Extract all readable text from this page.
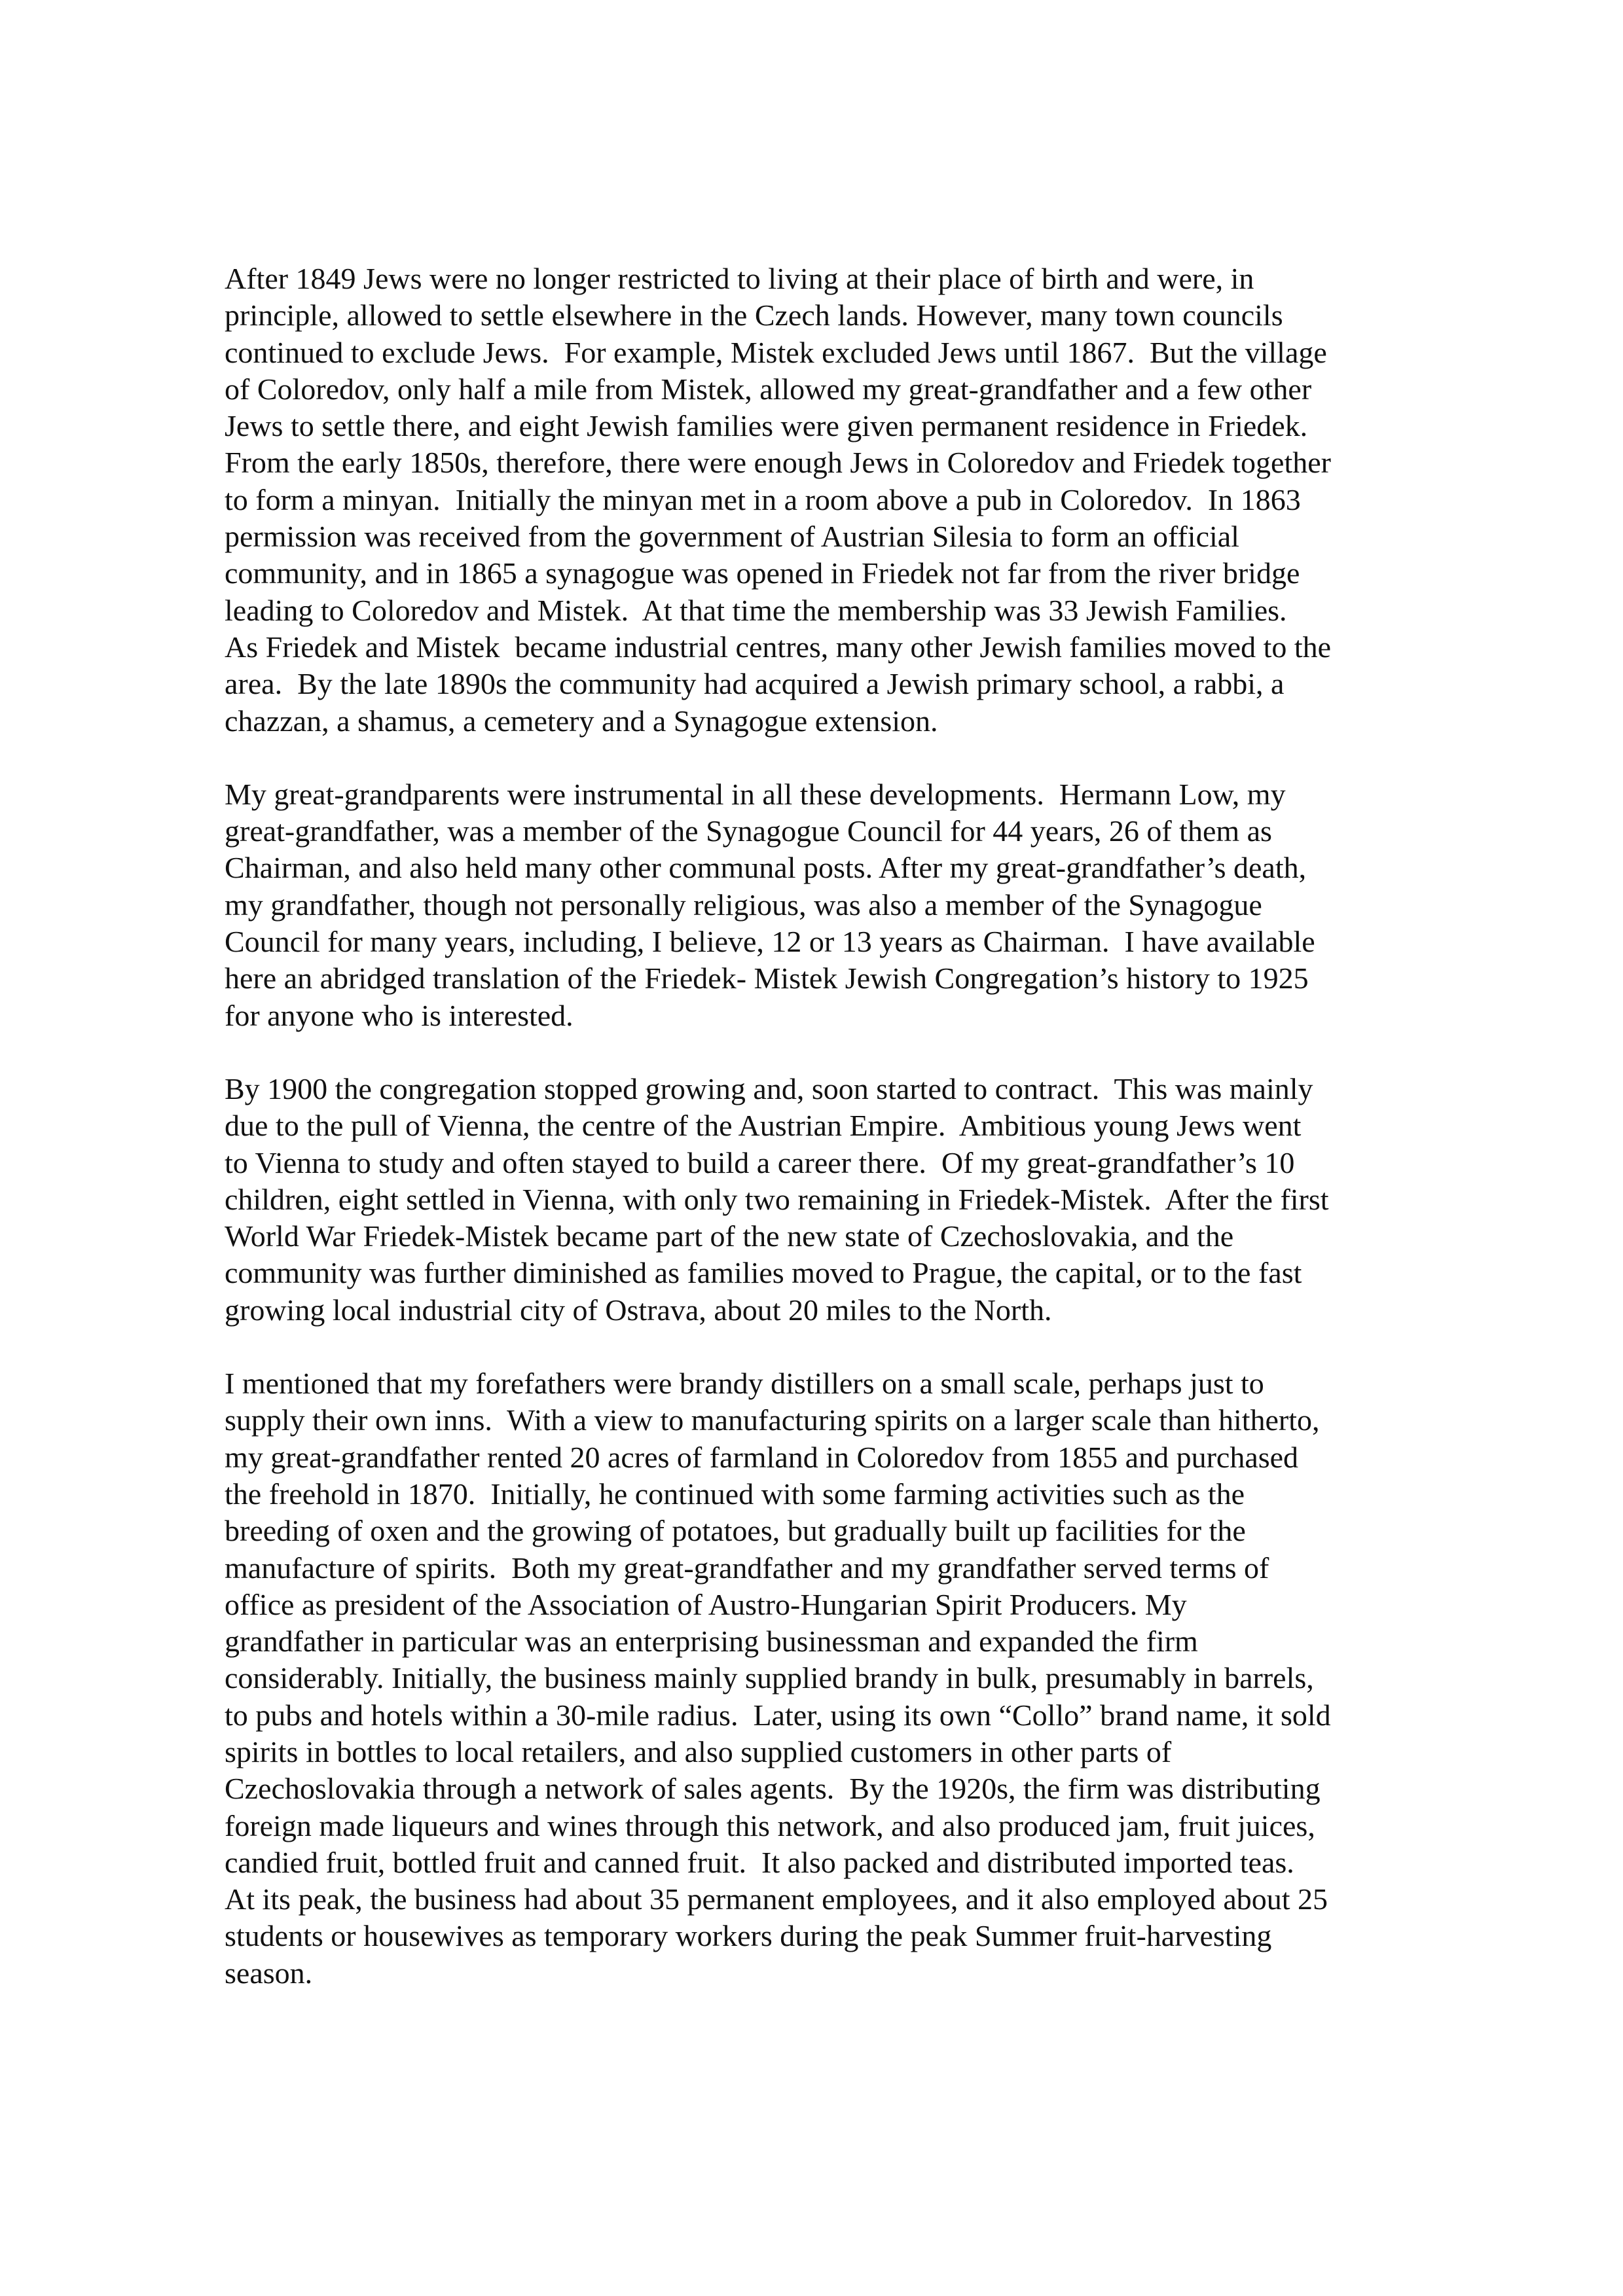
After 1849 Jews were no longer restricted to living at their place of birth and were, in
principle, allowed to settle elsewhere in the Czech lands. However, many town councils
continued to exclude Jews.  For example, Mistek excluded Jews until 1867.  But the village
of Coloredov, only half a mile from Mistek, allowed my great-grandfather and a few other
Jews to settle there, and eight Jewish families were given permanent residence in Friedek.
From the early 1850s, therefore, there were enough Jews in Coloredov and Friedek together
to form a minyan.  Initially the minyan met in a room above a pub in Coloredov.  In 1863
permission was received from the government of Austrian Silesia to form an official
community, and in 1865 a synagogue was opened in Friedek not far from the river bridge
leading to Coloredov and Mistek.  At that time the membership was 33 Jewish Families.
As Friedek and Mistek  became industrial centres, many other Jewish families moved to the
area.  By the late 1890s the community had acquired a Jewish primary school, a rabbi, a
chazzan, a shamus, a cemetery and a Synagogue extension.

My great-grandparents were instrumental in all these developments.  Hermann Low, my
great-grandfather, was a member of the Synagogue Council for 44 years, 26 of them as
Chairman, and also held many other communal posts. After my great-grandfather’s death,
my grandfather, though not personally religious, was also a member of the Synagogue
Council for many years, including, I believe, 12 or 13 years as Chairman.  I have available
here an abridged translation of the Friedek- Mistek Jewish Congregation’s history to 1925
for anyone who is interested.

By 1900 the congregation stopped growing and, soon started to contract.  This was mainly
due to the pull of Vienna, the centre of the Austrian Empire.  Ambitious young Jews went
to Vienna to study and often stayed to build a career there.  Of my great-grandfather’s 10
children, eight settled in Vienna, with only two remaining in Friedek-Mistek.  After the first
World War Friedek-Mistek became part of the new state of Czechoslovakia, and the
community was further diminished as families moved to Prague, the capital, or to the fast
growing local industrial city of Ostrava, about 20 miles to the North.

I mentioned that my forefathers were brandy distillers on a small scale, perhaps just to
supply their own inns.  With a view to manufacturing spirits on a larger scale than hitherto,
my great-grandfather rented 20 acres of farmland in Coloredov from 1855 and purchased
the freehold in 1870.  Initially, he continued with some farming activities such as the
breeding of oxen and the growing of potatoes, but gradually built up facilities for the
manufacture of spirits.  Both my great-grandfather and my grandfather served terms of
office as president of the Association of Austro-Hungarian Spirit Producers. My
grandfather in particular was an enterprising businessman and expanded the firm
considerably. Initially, the business mainly supplied brandy in bulk, presumably in barrels,
to pubs and hotels within a 30-mile radius.  Later, using its own “Collo” brand name, it sold
spirits in bottles to local retailers, and also supplied customers in other parts of
Czechoslovakia through a network of sales agents.  By the 1920s, the firm was distributing
foreign made liqueurs and wines through this network, and also produced jam, fruit juices,
candied fruit, bottled fruit and canned fruit.  It also packed and distributed imported teas.
At its peak, the business had about 35 permanent employees, and it also employed about 25
students or housewives as temporary workers during the peak Summer fruit-harvesting
season.
